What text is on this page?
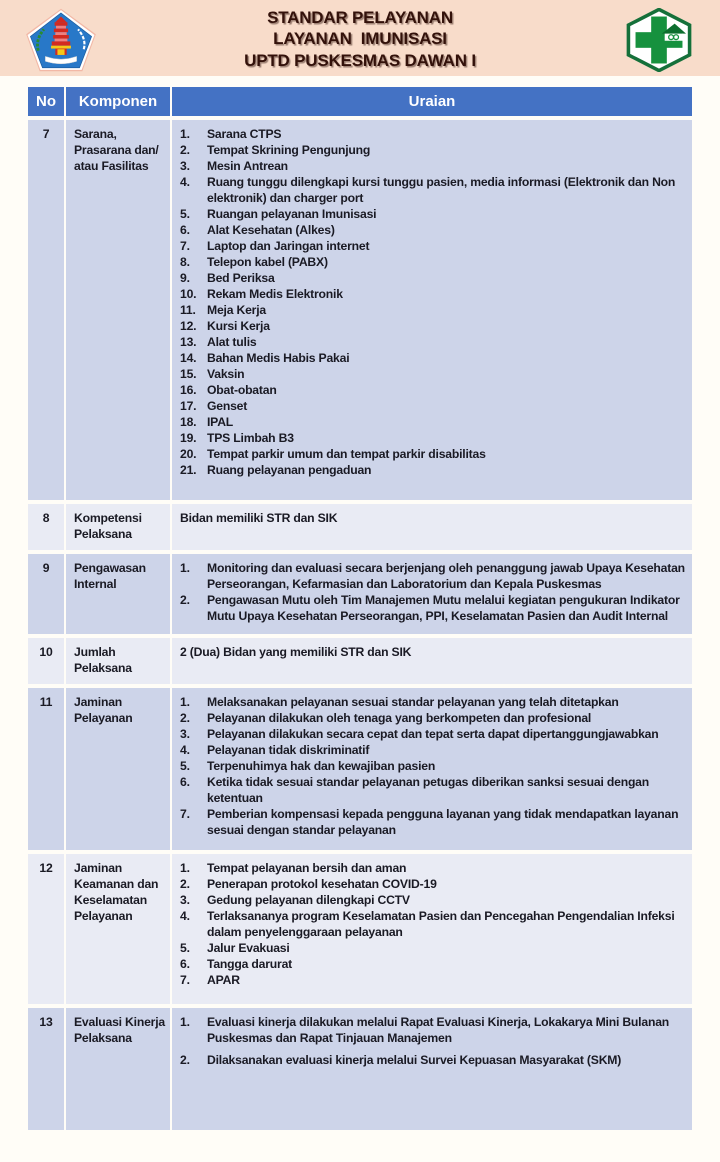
STANDAR PELAYANAN
LAYANAN  IMUNISASI
UPTD PUSKESMAS DAWAN I
No	Komponen	Uraian
7	Sarana, Prasarana dan/ atau Fasilitas	
1.	Sarana CTPS
2.	Tempat Skrining Pengunjung
3.	Mesin Antrean
4.	Ruang tunggu dilengkapi kursi tunggu pasien, media informasi (Elektronik dan Non elektronik) dan charger port
5.	Ruangan pelayanan Imunisasi
6.	Alat Kesehatan (Alkes)
7.	Laptop dan Jaringan internet
8.	Telepon kabel (PABX)
9.	Bed Periksa
10. Rekam Medis Elektronik
11. Meja Kerja
12. Kursi Kerja
13. Alat tulis
14. Bahan Medis Habis Pakai
15. Vaksin
16. Obat-obatan
17. Genset
18. IPAL
19. TPS Limbah B3
20. Tempat parkir umum dan tempat parkir disabilitas
21. Ruang pelayanan pengaduan

8	Kompetensi Pelaksana	Bidan memiliki STR dan SIK

9	Pengawasan Internal	1. Monitoring dan evaluasi secara berjenjang oleh penanggung jawab Upaya Kesehatan Perseorangan, Kefarmasian dan Laboratorium dan Kepala Puskesmas
2. Pengawasan Mutu oleh Tim Manajemen Mutu melalui kegiatan pengukuran Indikator Mutu Upaya Kesehatan Perseorangan, PPI, Keselamatan Pasien dan Audit Internal

10	Jumlah Pelaksana	2 (Dua) Bidan yang memiliki STR dan SIK

11	Jaminan Pelayanan	
1.	Melaksanakan pelayanan sesuai standar pelayanan yang telah ditetapkan
2.	Pelayanan dilakukan oleh tenaga yang berkompeten dan profesional
3.	Pelayanan dilakukan secara cepat dan tepat serta dapat dipertanggungjawabkan
4.	Pelayanan tidak diskriminatif
5.	Terpenuhimya hak dan kewajiban pasien
6.	Ketika tidak sesuai standar pelayanan petugas diberikan sanksi sesuai dengan ketentuan
7.	Pemberian kompensasi kepada pengguna layanan yang tidak mendapatkan layanan sesuai dengan standar pelayanan

12	Jaminan Keamanan dan Keselamatan Pelayanan	
1.	Tempat pelayanan bersih dan aman
2.	Penerapan protokol kesehatan COVID-19
3.	Gedung pelayanan dilengkapi CCTV
4.	Terlaksananya program Keselamatan Pasien dan Pencegahan Pengendalian Infeksi dalam penyelenggaraan pelayanan
5.	Jalur Evakuasi
6.	Tangga darurat
7.	APAR

13	Evaluasi Kinerja Pelaksana	1. Evaluasi kinerja dilakukan melalui Rapat Evaluasi Kinerja, Lokakarya Mini Bulanan Puskesmas dan Rapat Tinjauan Manajemen
2. Dilaksanakan evaluasi kinerja melalui Survei Kepuasan Masyarakat (SKM)
